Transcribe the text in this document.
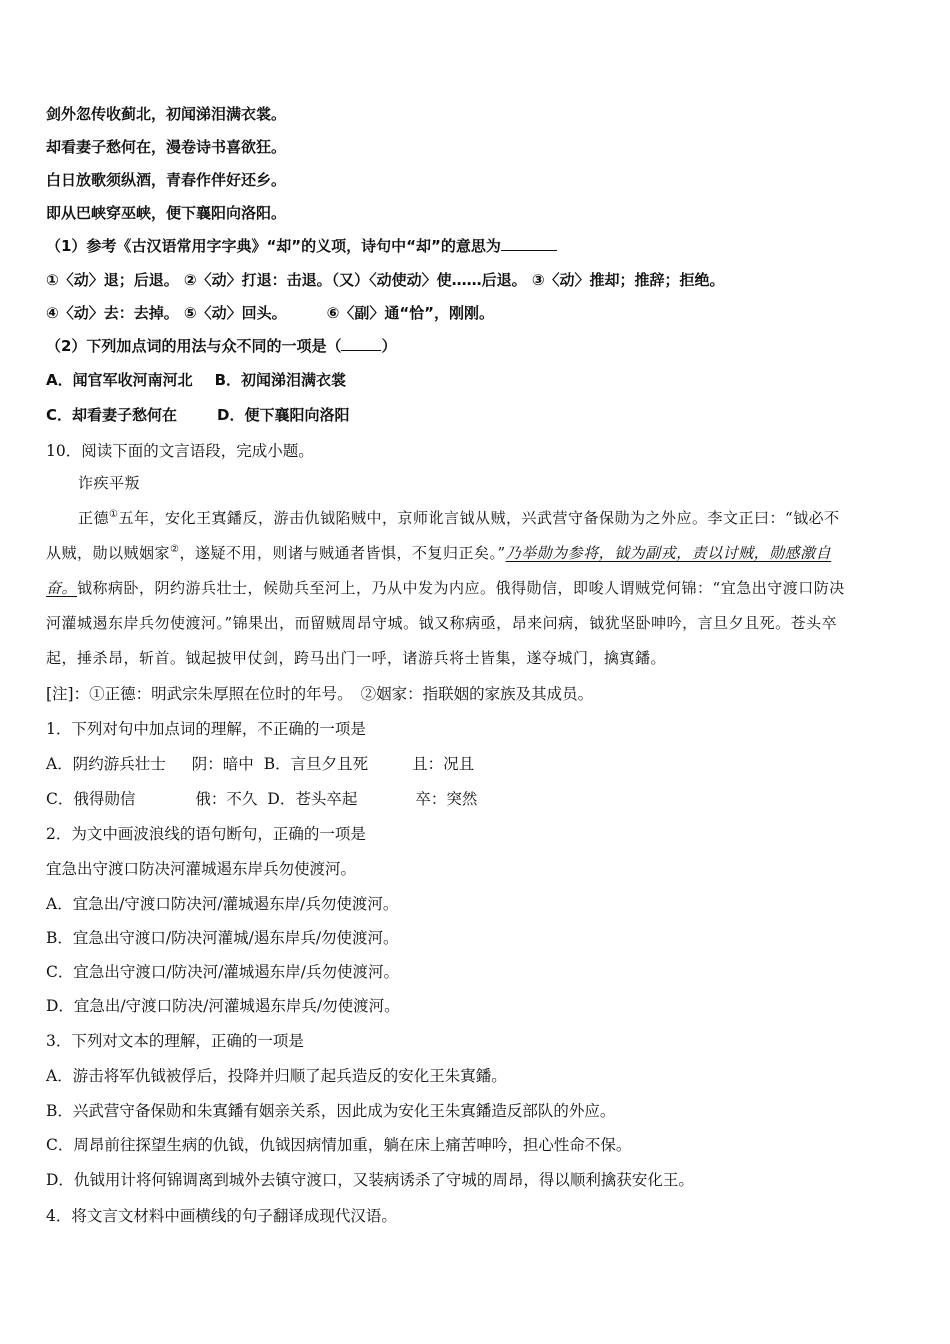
剑外忽传收蓟北，初闻涕泪满衣裳。
却看妻子愁何在，漫卷诗书喜欲狂。
白日放歌须纵酒，青春作伴好还乡。
即从巴峡穿巫峡，便下襄阳向洛阳。
（1）参考《古汉语常用字字典》“却”的义项，诗句中“却”的意思为
①〈动〉退；后退。 ②〈动〉打退：击退。（又）〈动使动〉使……后退。 ③〈动〉推却；推辞；拒绝。
④〈动〉去：去掉。 ⑤〈动〉回头。	⑥〈副〉通“恰”，刚刚。
（2）下列加点词的用法与众不同的一项是（	）
A．闻官军收河南河北 B．初闻涕泪满衣裳
C．却看妻子愁何在	D．便下襄阳向洛阳
10．阅读下面的文言语段，完成小题。
诈疾平叛
正德①五年，安化王寘鐇反，游击仇钺陷贼中，京师讹言钺从贼，兴武营守备保勋为之外应。李文正曰：“钺必不
从贼，勋以贼姻家②，遂疑不用，则诸与贼通者皆惧，不复归正矣。”乃举勋为参将，钺为副戎，责以讨贼，勋感激自
奋。钺称病卧，阴约游兵壮士，候勋兵至河上，乃从中发为内应。俄得勋信，即唆人谓贼党何锦：“宜急出守渡口防决
河灌城遏东岸兵勿使渡河。”锦果出，而留贼周昂守城。钺又称病亟，昂来问病，钺犹坚卧呻吟，言旦夕且死。苍头卒
起，捶杀昂，斩首。钺起披甲仗剑，跨马出门一呼，诸游兵将士皆集，遂夺城门，擒寘鐇。
[注]：①正德：明武宗朱厚照在位时的年号。 ②姻家：指联姻的家族及其成员。
1．下列对句中加点词的理解，不正确的一项是
A．阴约游兵壮士 阴：暗中 B．言旦夕且死	且：况且
C．俄得勋信	俄：不久 D．苍头卒起	卒：突然
2．为文中画波浪线的语句断句，正确的一项是
宜急出守渡口防决河灌城遏东岸兵勿使渡河。
A．宜急出/守渡口防决河/灌城遏东岸/兵勿使渡河。
B．宜急出守渡口/防决河灌城/遏东岸兵/勿使渡河。
C．宜急出守渡口/防决河/灌城遏东岸/兵勿使渡河。
D．宜急出/守渡口防决/河灌城遏东岸兵/勿使渡河。
3．下列对文本的理解，正确的一项是
A．游击将军仇钺被俘后，投降并归顺了起兵造反的安化王朱寘鐇。
B．兴武营守备保勋和朱寘鐇有姻亲关系，因此成为安化王朱寘鐇造反部队的外应。
C．周昂前往探望生病的仇钺，仇钺因病情加重，躺在床上痛苦呻吟，担心性命不保。
D．仇钺用计将何锦调离到城外去镇守渡口，又装病诱杀了守城的周昂，得以顺利擒获安化王。
4．将文言文材料中画横线的句子翻译成现代汉语。
